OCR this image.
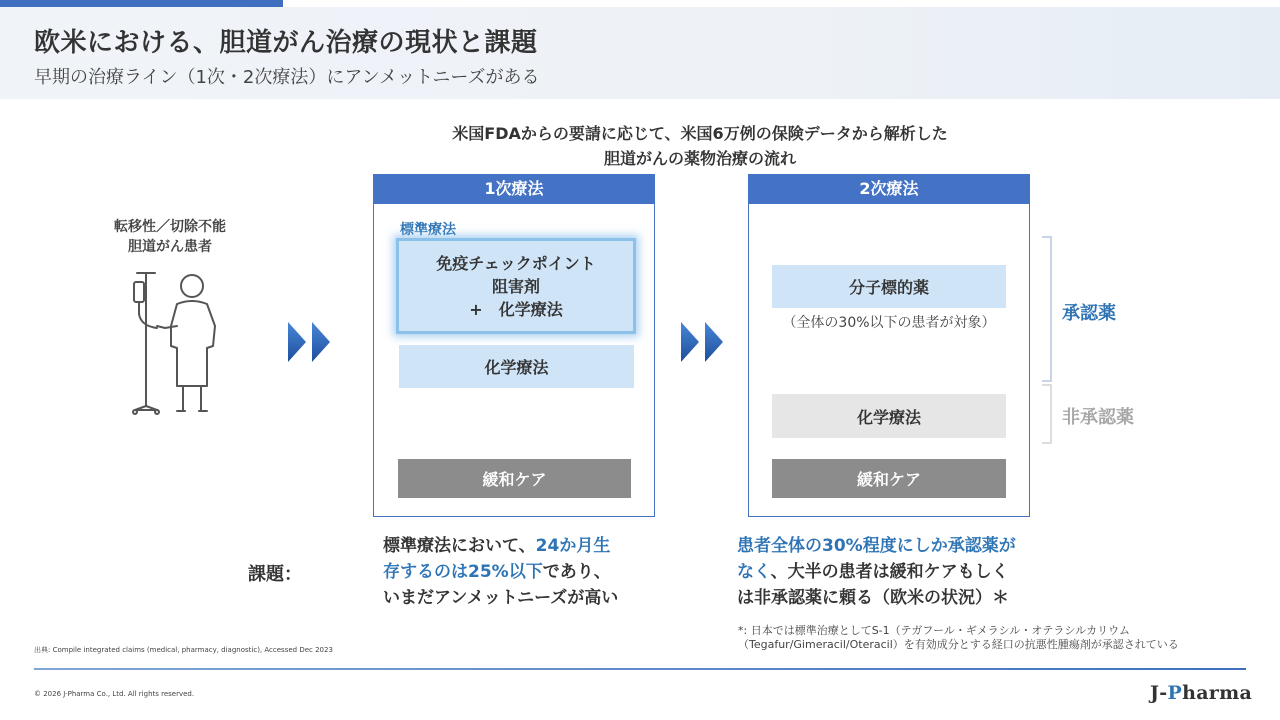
欧米における、胆道がん治療の現状と課題
早期の治療ライン（1次・2次療法）にアンメットニーズがある
米国FDAからの要請に応じて、米国6万例の保険データから解析した
胆道がんの薬物治療の流れ
転移性／切除不能
胆道がん患者
1次療法
標準療法
免疫チェックポイント
阻害剤
+　化学療法
化学療法
緩和ケア
2次療法
分子標的薬
（全体の30%以下の患者が対象）
化学療法
緩和ケア
承認薬
非承認薬
課題：
標準療法において、24か月生
存するのは25%以下であり、
いまだアンメットニーズが高い
患者全体の30%程度にしか承認薬が
なく、大半の患者は緩和ケアもしく
は非承認薬に頼る（欧米の状況）＊
*: 日本では標準治療としてS-1（テガフール・ギメラシル・オテラシルカリウム
（Tegafur/Gimeracil/Oteracil）を有効成分とする経口の抗悪性腫瘍剤が承認されている
出典: Compile integrated claims (medical, pharmacy, diagnostic), Accessed Dec 2023
© 2026 J-Pharma Co., Ltd. All rights reserved.	J-Pharma
